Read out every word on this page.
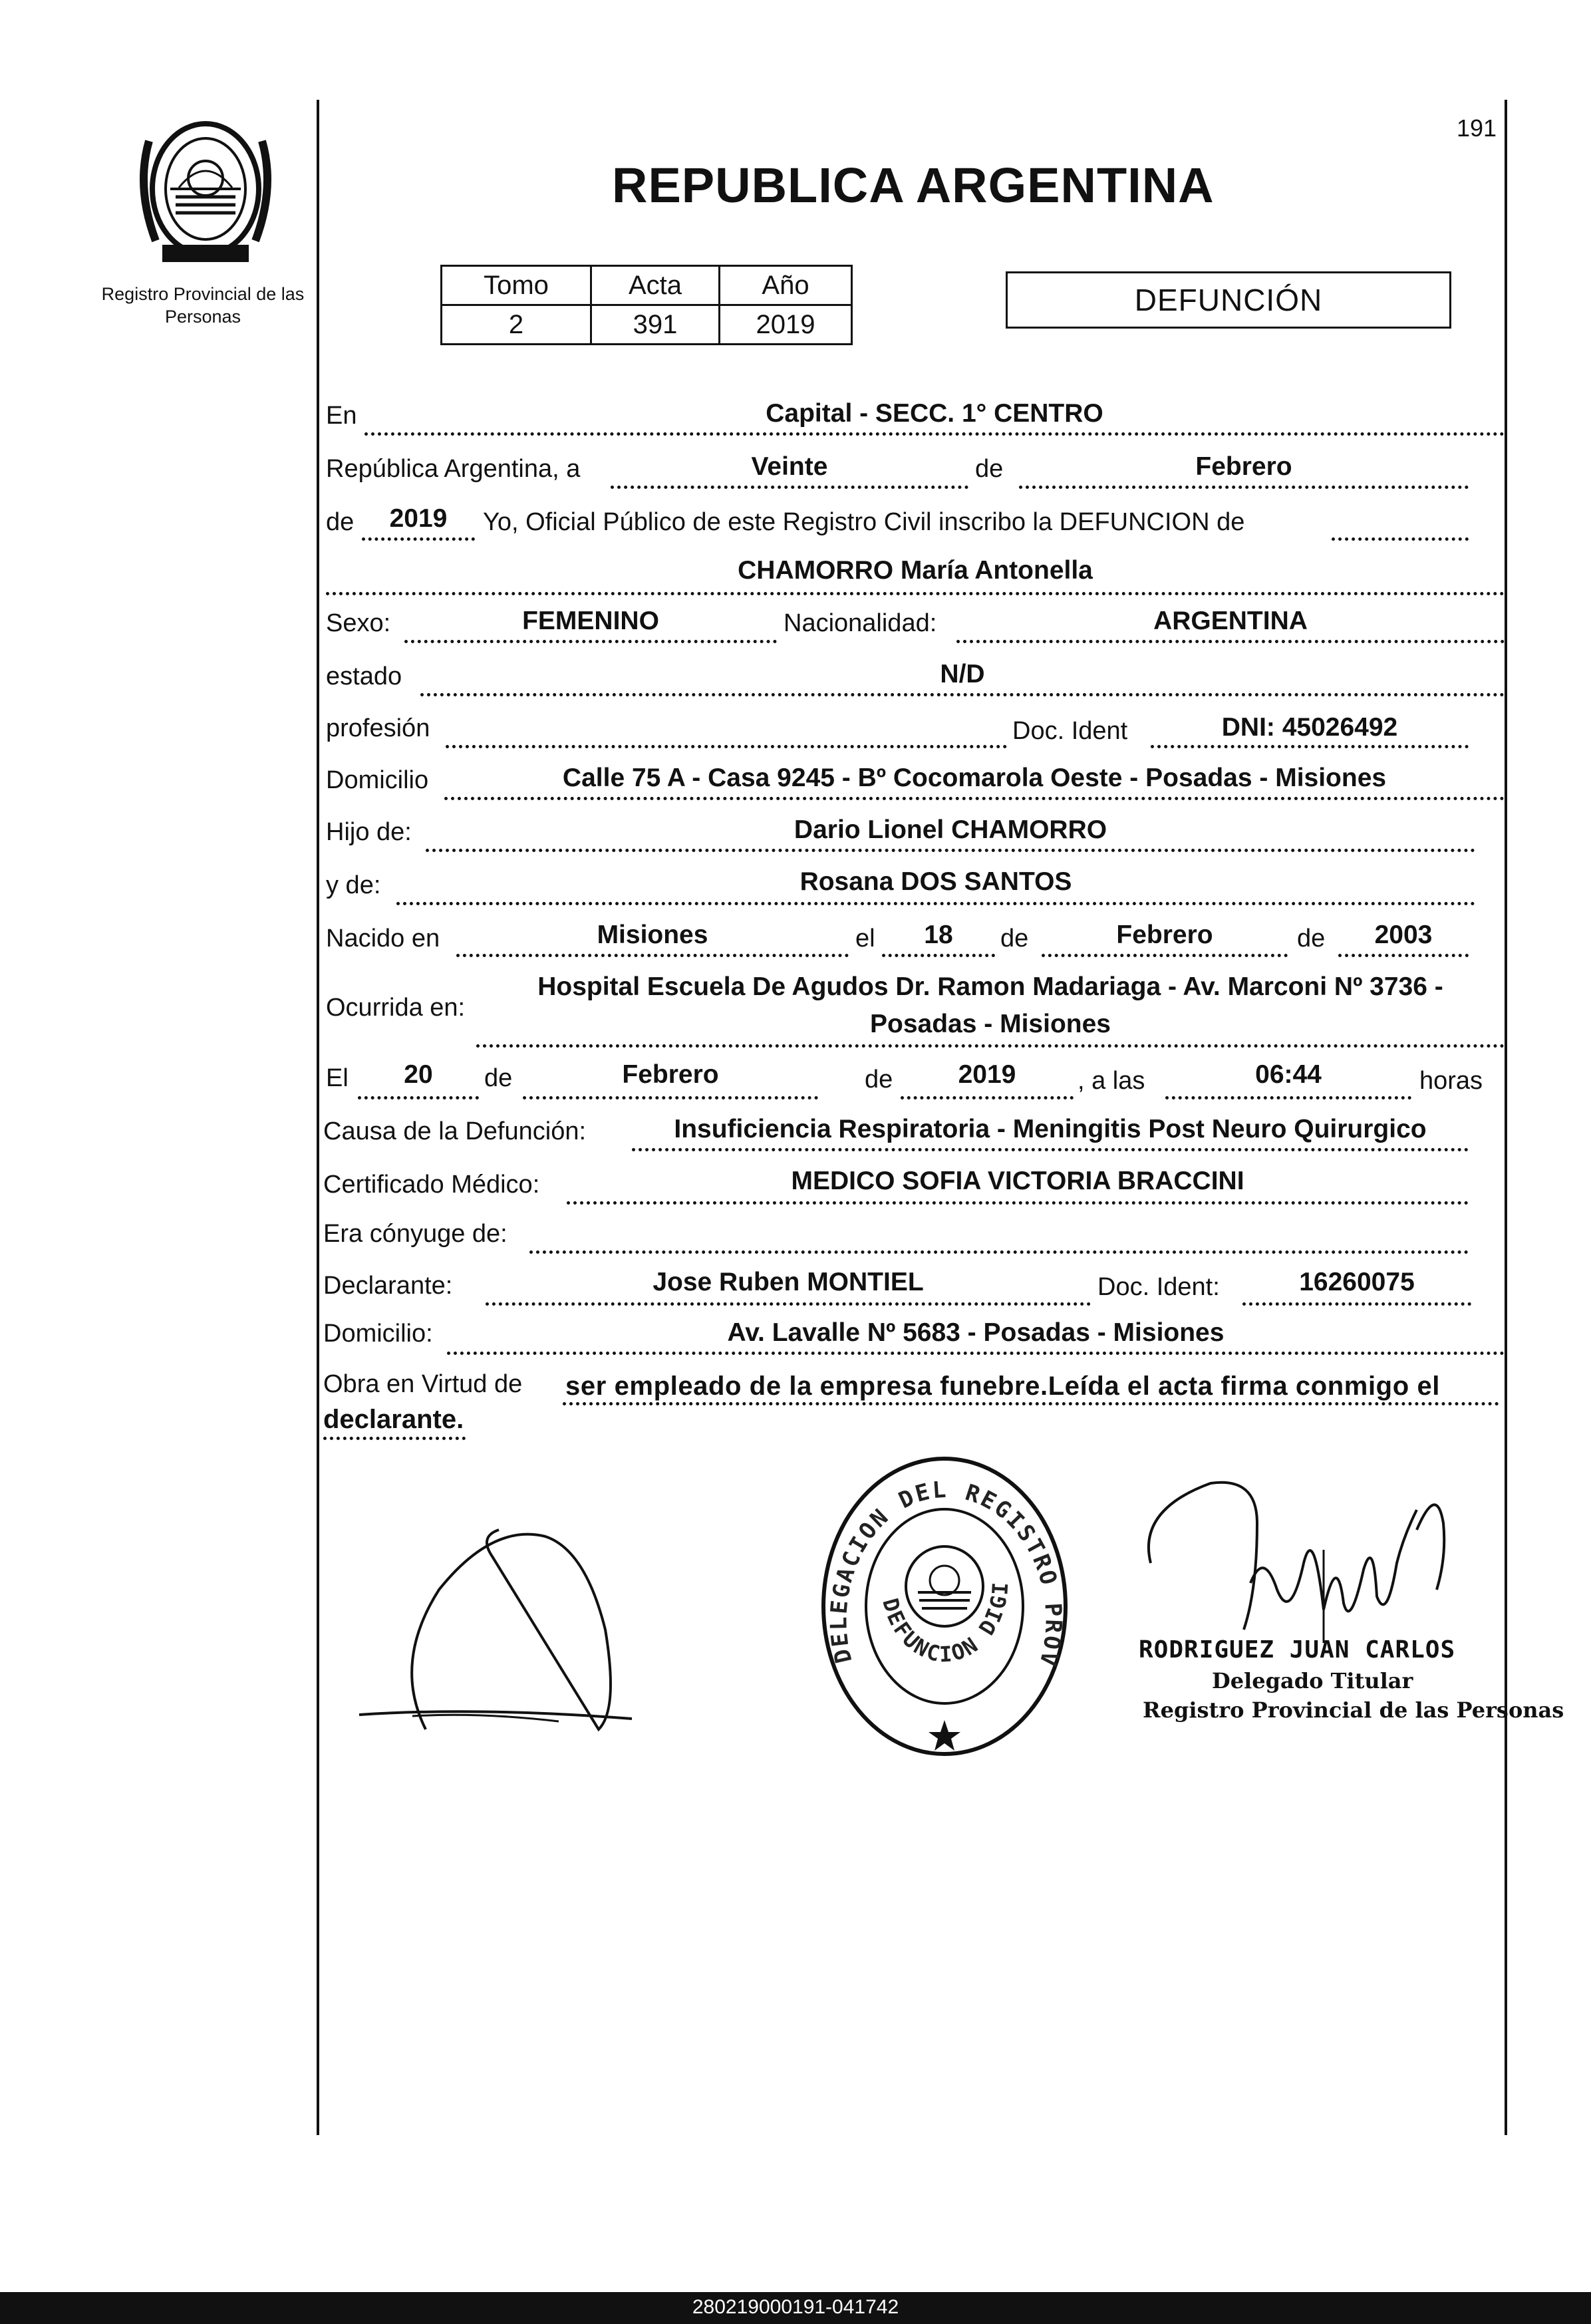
Registro Provincial de las Personas
191
REPUBLICA ARGENTINA
Tomo	Acta	Año
2	391	2019
DEFUNCIÓN
En	Capital - SECC. 1° CENTRO
República Argentina, a	Veinte	de	Febrero
de	2019	Yo, Oficial Público de este Registro Civil inscribo la DEFUNCION de
CHAMORRO María Antonella
Sexo:	FEMENINO	Nacionalidad:	ARGENTINA
estado	N/D
profesión	Doc. Ident	DNI: 45026492
Domicilio	Calle 75 A - Casa 9245 - Bº Cocomarola Oeste - Posadas - Misiones
Hijo de:	Dario Lionel CHAMORRO
y de:	Rosana DOS SANTOS
Nacido en	Misiones	el	18	de	Febrero	de	2003
Ocurrida en:
Hospital Escuela De Agudos Dr. Ramon Madariaga - Av. Marconi Nº 3736 -
Posadas - Misiones
El	20	de	Febrero	de	2019	, a las	06:44	horas
Causa de la Defunción:	Insuficiencia Respiratoria - Meningitis Post Neuro Quirurgico
Certificado Médico:	MEDICO SOFIA VICTORIA BRACCINI
Era cónyuge de:
Declarante:	Jose Ruben MONTIEL	Doc. Ident:	16260075
Domicilio:	Av. Lavalle Nº 5683 - Posadas - Misiones
Obra en Virtud de ser empleado de la empresa funebre.Leída el acta firma conmigo el
declarante.
DELEGACION DEL REGISTRO PROV
DEFUNCION DIGI
RODRIGUEZ JUAN CARLOS
Delegado Titular
Registro Provincial de las Personas
280219000191-041742
